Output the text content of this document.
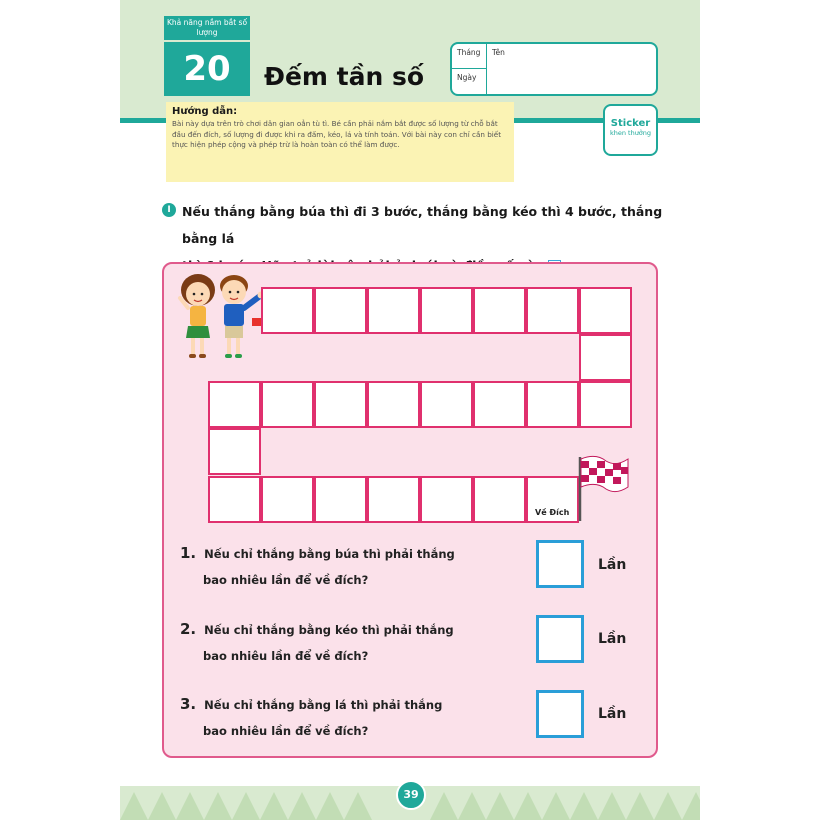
Khả năng nắm bắt số lượng
20	Đếm tần số
Tháng Tên
Ngày
Hướng dẫn:
Bài này dựa trên trò chơi dân gian oẳn tù tì. Bé cần phải nắm bắt được số lượng từ chỗ bắt đầu đến đích, số lượng đi được khi ra đấm, kéo, lá và tính toán. Với bài này con chỉ cần biết thực hiện phép cộng và phép trừ là hoàn toàn có thể làm được.
Sticker
khen thưởng
I Nếu thắng bằng búa thì đi 3 bước, thắng bằng kéo thì 4 bước, thắng bằng lá

Về Đích
1. Nếu chỉ thắng bằng búa thì phải thắng
bao nhiêu lần để về đích?
Lần
2. Nếu chỉ thắng bằng kéo thì phải thắng
bao nhiêu lần để về đích?
Lần
3. Nếu chỉ thắng bằng lá thì phải thắng
bao nhiêu lần để về đích?
Lần
39
